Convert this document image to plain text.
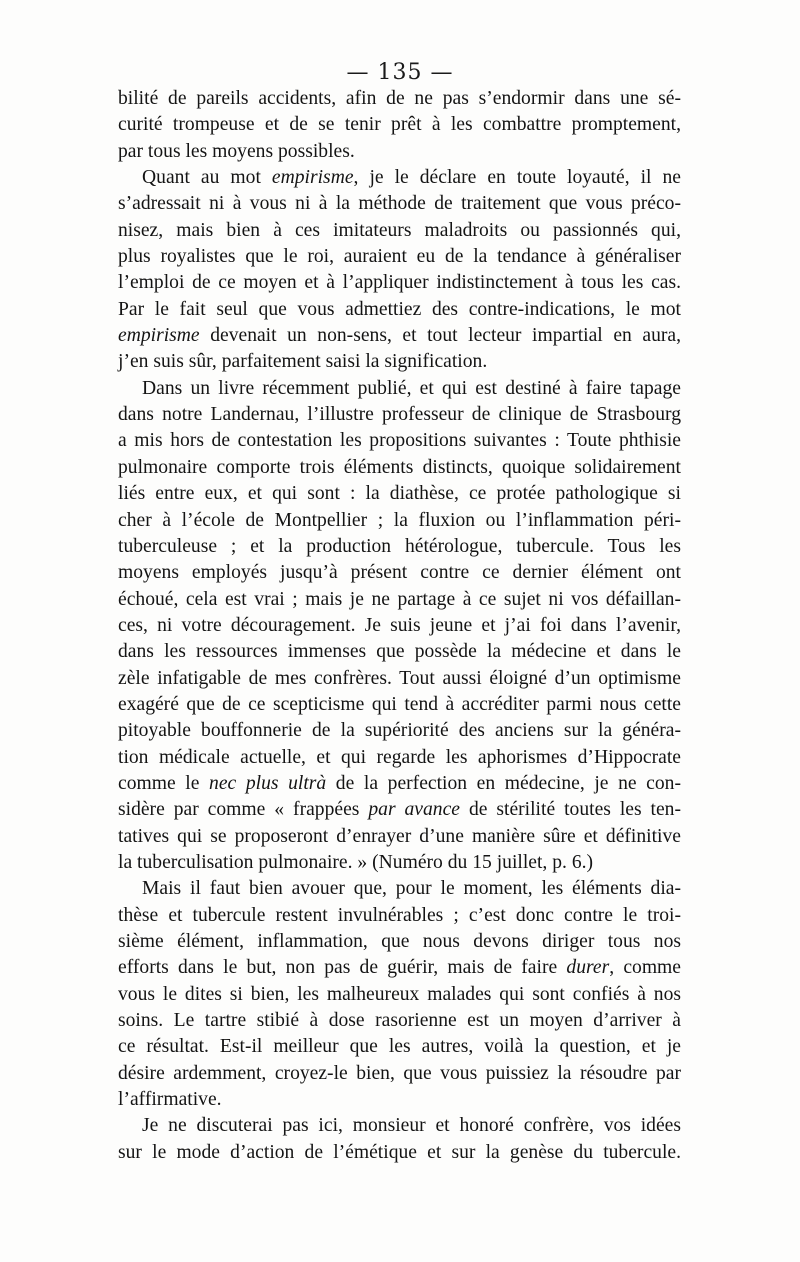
— 135 —
bilité de pareils accidents, afin de ne pas s’endormir dans une sé-
curité trompeuse et de se tenir prêt à les combattre promptement,
par tous les moyens possibles.
Quant au mot empirisme, je le déclare en toute loyauté, il ne
s’adressait ni à vous ni à la méthode de traitement que vous préco-
nisez, mais bien à ces imitateurs maladroits ou passionnés qui,
plus royalistes que le roi, auraient eu de la tendance à généraliser
l’emploi de ce moyen et à l’appliquer indistinctement à tous les cas.
Par le fait seul que vous admettiez des contre-indications, le mot
empirisme devenait un non-sens, et tout lecteur impartial en aura,
j’en suis sûr, parfaitement saisi la signification.
Dans un livre récemment publié, et qui est destiné à faire tapage
dans notre Landernau, l’illustre professeur de clinique de Strasbourg
a mis hors de contestation les propositions suivantes : Toute phthisie
pulmonaire comporte trois éléments distincts, quoique solidairement
liés entre eux, et qui sont : la diathèse, ce protée pathologique si
cher à l’école de Montpellier ; la fluxion ou l’inflammation péri-
tuberculeuse ; et la production hétérologue, tubercule. Tous les
moyens employés jusqu’à présent contre ce dernier élément ont
échoué, cela est vrai ; mais je ne partage à ce sujet ni vos défaillan-
ces, ni votre découragement. Je suis jeune et j’ai foi dans l’avenir,
dans les ressources immenses que possède la médecine et dans le
zèle infatigable de mes confrères. Tout aussi éloigné d’un optimisme
exagéré que de ce scepticisme qui tend à accréditer parmi nous cette
pitoyable bouffonnerie de la supériorité des anciens sur la généra-
tion médicale actuelle, et qui regarde les aphorismes d’Hippocrate
comme le nec plus ultrà de la perfection en médecine, je ne con-
sidère par comme « frappées par avance de stérilité toutes les ten-
tatives qui se proposeront d’enrayer d’une manière sûre et définitive
la tuberculisation pulmonaire. » (Numéro du 15 juillet, p. 6.)
Mais il faut bien avouer que, pour le moment, les éléments dia-
thèse et tubercule restent invulnérables ; c’est donc contre le troi-
sième élément, inflammation, que nous devons diriger tous nos
efforts dans le but, non pas de guérir, mais de faire durer, comme
vous le dites si bien, les malheureux malades qui sont confiés à nos
soins. Le tartre stibié à dose rasorienne est un moyen d’arriver à
ce résultat. Est-il meilleur que les autres, voilà la question, et je
désire ardemment, croyez-le bien, que vous puissiez la résoudre par
l’affirmative.
Je ne discuterai pas ici, monsieur et honoré confrère, vos idées
sur le mode d’action de l’émétique et sur la genèse du tubercule.
